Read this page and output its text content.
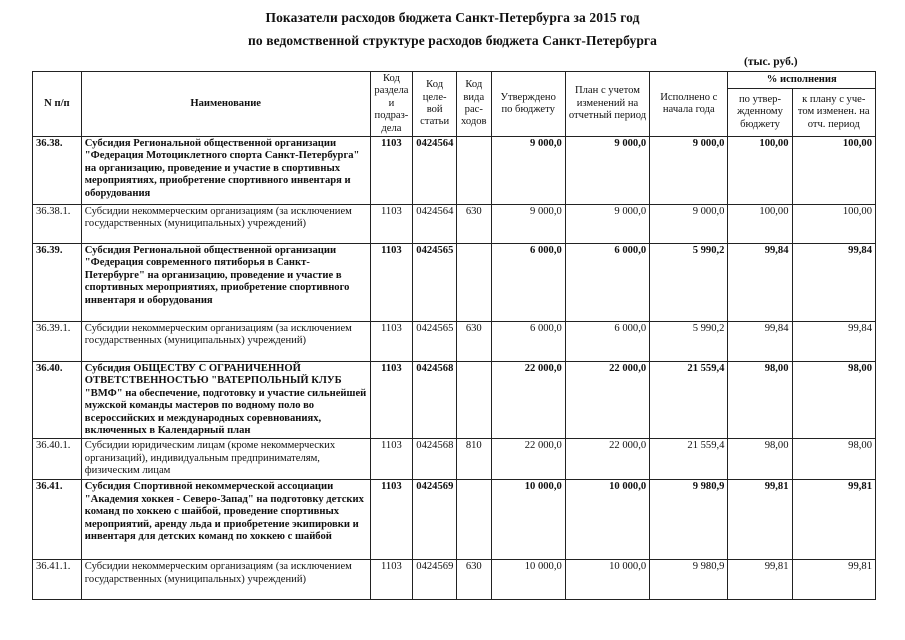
Показатели расходов бюджета Санкт-Петербурга за 2015 год
по ведомственной структуре расходов бюджета Санкт-Петербурга
(тыс. руб.)
N п/п	Наименование	Код раздела и подраз-дела	Код целе-вой статьи	Код вида рас-ходов	Утверждено по бюджету	План с учетом изменений на отчетный период	Исполнено с начала года	% исполнения	
								по утвер-жденному бюджету	к плану с уче-том изменен. на отч. период
36.38.	Субсидия Региональной общественной организации "Федерация Мотоциклетного спорта Санкт-Петербурга" на организацию, проведение и участие в спортивных мероприятиях, приобретение спортивного инвентаря и оборудования	1103	0424564		9 000,0	9 000,0	9 000,0	100,00	100,00
36.38.1.	Субсидии некоммерческим организациям (за исключением государственных (муниципальных) учреждений)	1103	0424564	630	9 000,0	9 000,0	9 000,0	100,00	100,00
36.39.	Субсидия Региональной общественной организации "Федерация современного пятиборья в Санкт-Петербурге" на организацию, проведение и участие в спортивных мероприятиях, приобретение спортивного инвентаря и оборудования	1103	0424565		6 000,0	6 000,0	5 990,2	99,84	99,84
36.39.1.	Субсидии некоммерческим организациям (за исключением государственных (муниципальных) учреждений)	1103	0424565	630	6 000,0	6 000,0	5 990,2	99,84	99,84
36.40.	Субсидия ОБЩЕСТВУ С ОГРАНИЧЕННОЙ ОТВЕТСТВЕННОСТЬЮ "ВАТЕРПОЛЬНЫЙ КЛУБ "ВМФ" на обеспечение, подготовку и участие сильнейшей мужской команды мастеров по водному поло во всероссийских и международных соревнованиях, включенных в Календарный план	1103	0424568		22 000,0	22 000,0	21 559,4	98,00	98,00
36.40.1.	Субсидии юридическим лицам (кроме некоммерческих организаций), индивидуальным предпринимателям, физическим лицам	1103	0424568	810	22 000,0	22 000,0	21 559,4	98,00	98,00
36.41.	Субсидия Спортивной некоммерческой ассоциации "Академия хоккея - Северо-Запад" на подготовку детских команд по хоккею с шайбой, проведение спортивных мероприятий, аренду льда и приобретение экипировки и инвентаря для детских команд по хоккею с шайбой	1103	0424569		10 000,0	10 000,0	9 980,9	99,81	99,81
36.41.1.	Субсидии некоммерческим организациям (за исключением государственных (муниципальных) учреждений)	1103	0424569	630	10 000,0	10 000,0	9 980,9	99,81	99,81
